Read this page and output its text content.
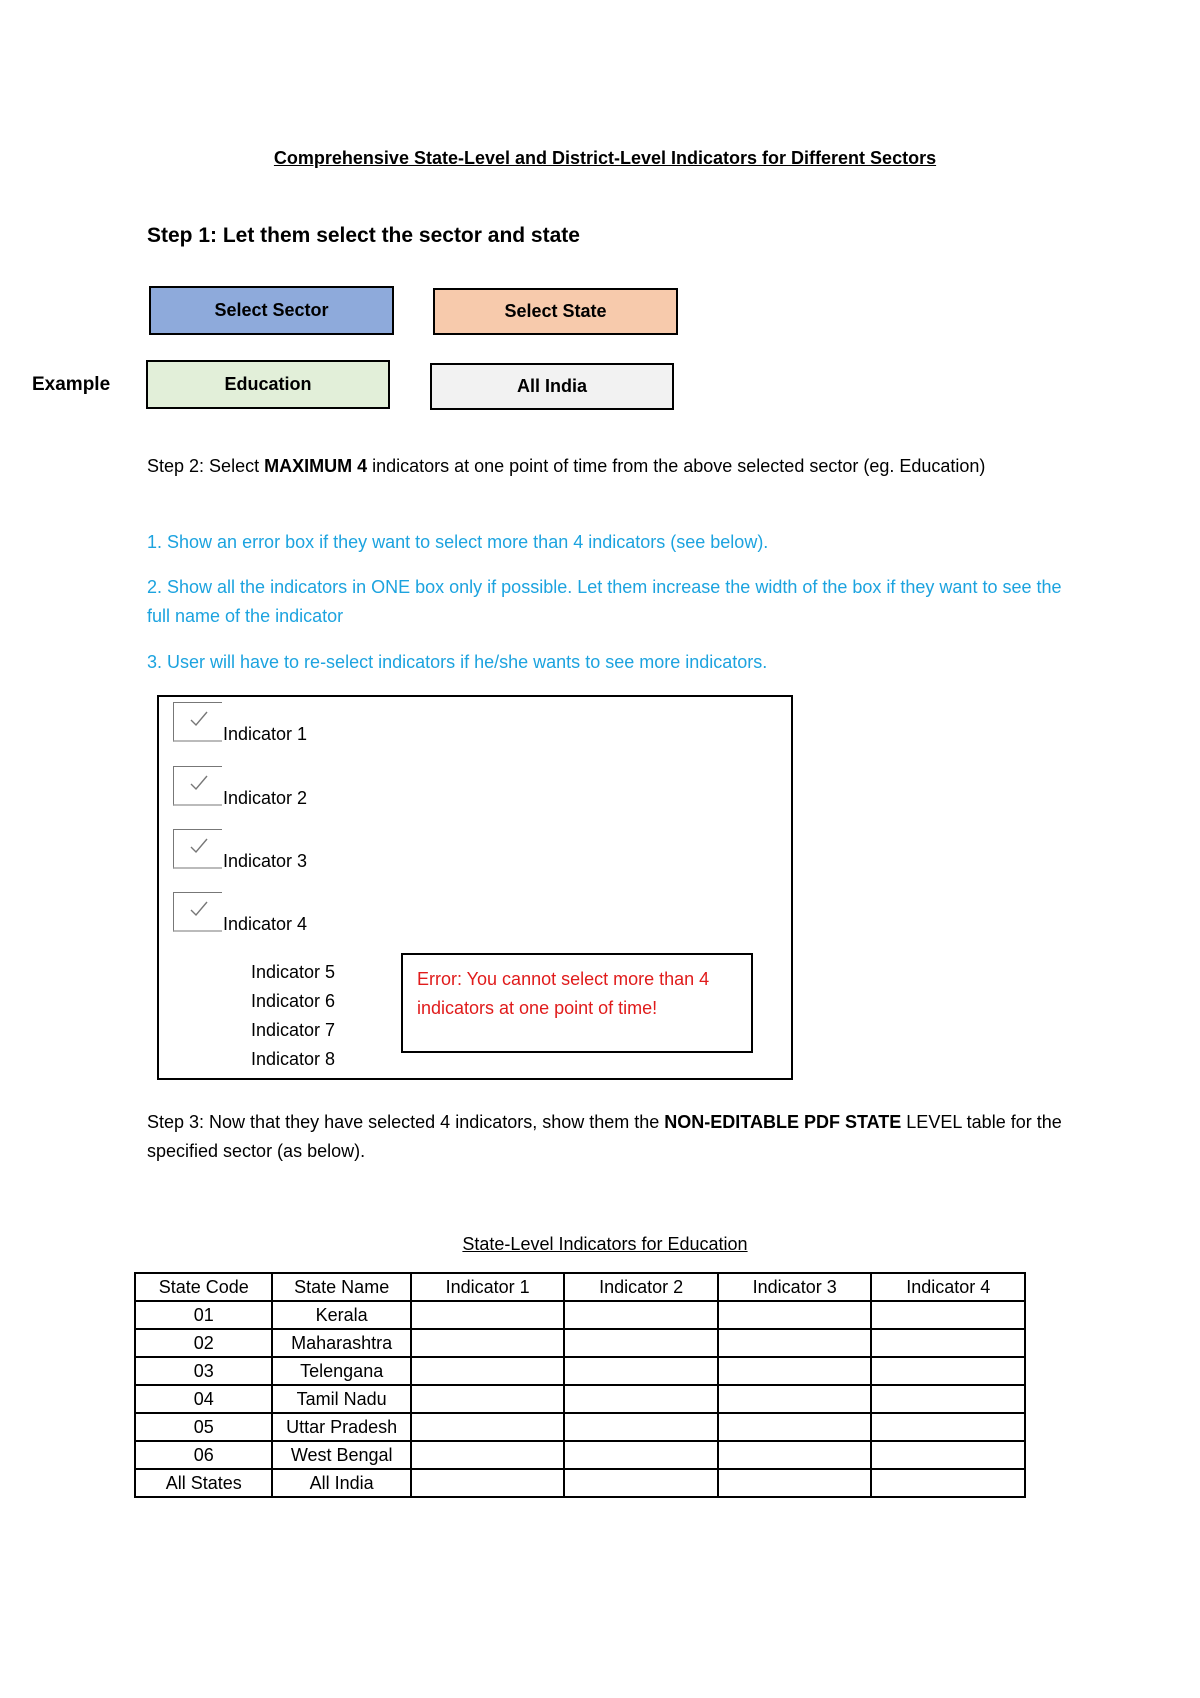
Comprehensive State-Level and District-Level Indicators for Different Sectors
Step 1: Let them select the sector and state
Select Sector	Select State
Example	Education	All India
Step 2: Select MAXIMUM 4 indicators at one point of time from the above selected sector (eg. Education)
1. Show an error box if they want to select more than 4 indicators (see below).
2. Show all the indicators in ONE box only if possible. Let them increase the width of the box if they want to see the full name of the indicator
3. User will have to re-select indicators if he/she wants to see more indicators.
Indicator 1
Indicator 2
Indicator 3
Indicator 4
Indicator 5
Indicator 6
Indicator 7
Indicator 8
Error: You cannot select more than 4 indicators at one point of time!
Step 3: Now that they have selected 4 indicators, show them the NON-EDITABLE PDF STATE LEVEL table for the specified sector (as below).
State-Level Indicators for Education
State Code	State Name	Indicator 1	Indicator 2	Indicator 3	Indicator 4
01	Kerala				
02	Maharashtra				
03	Telengana				
04	Tamil Nadu				
05	Uttar Pradesh				
06	West Bengal				
All States	All India				
